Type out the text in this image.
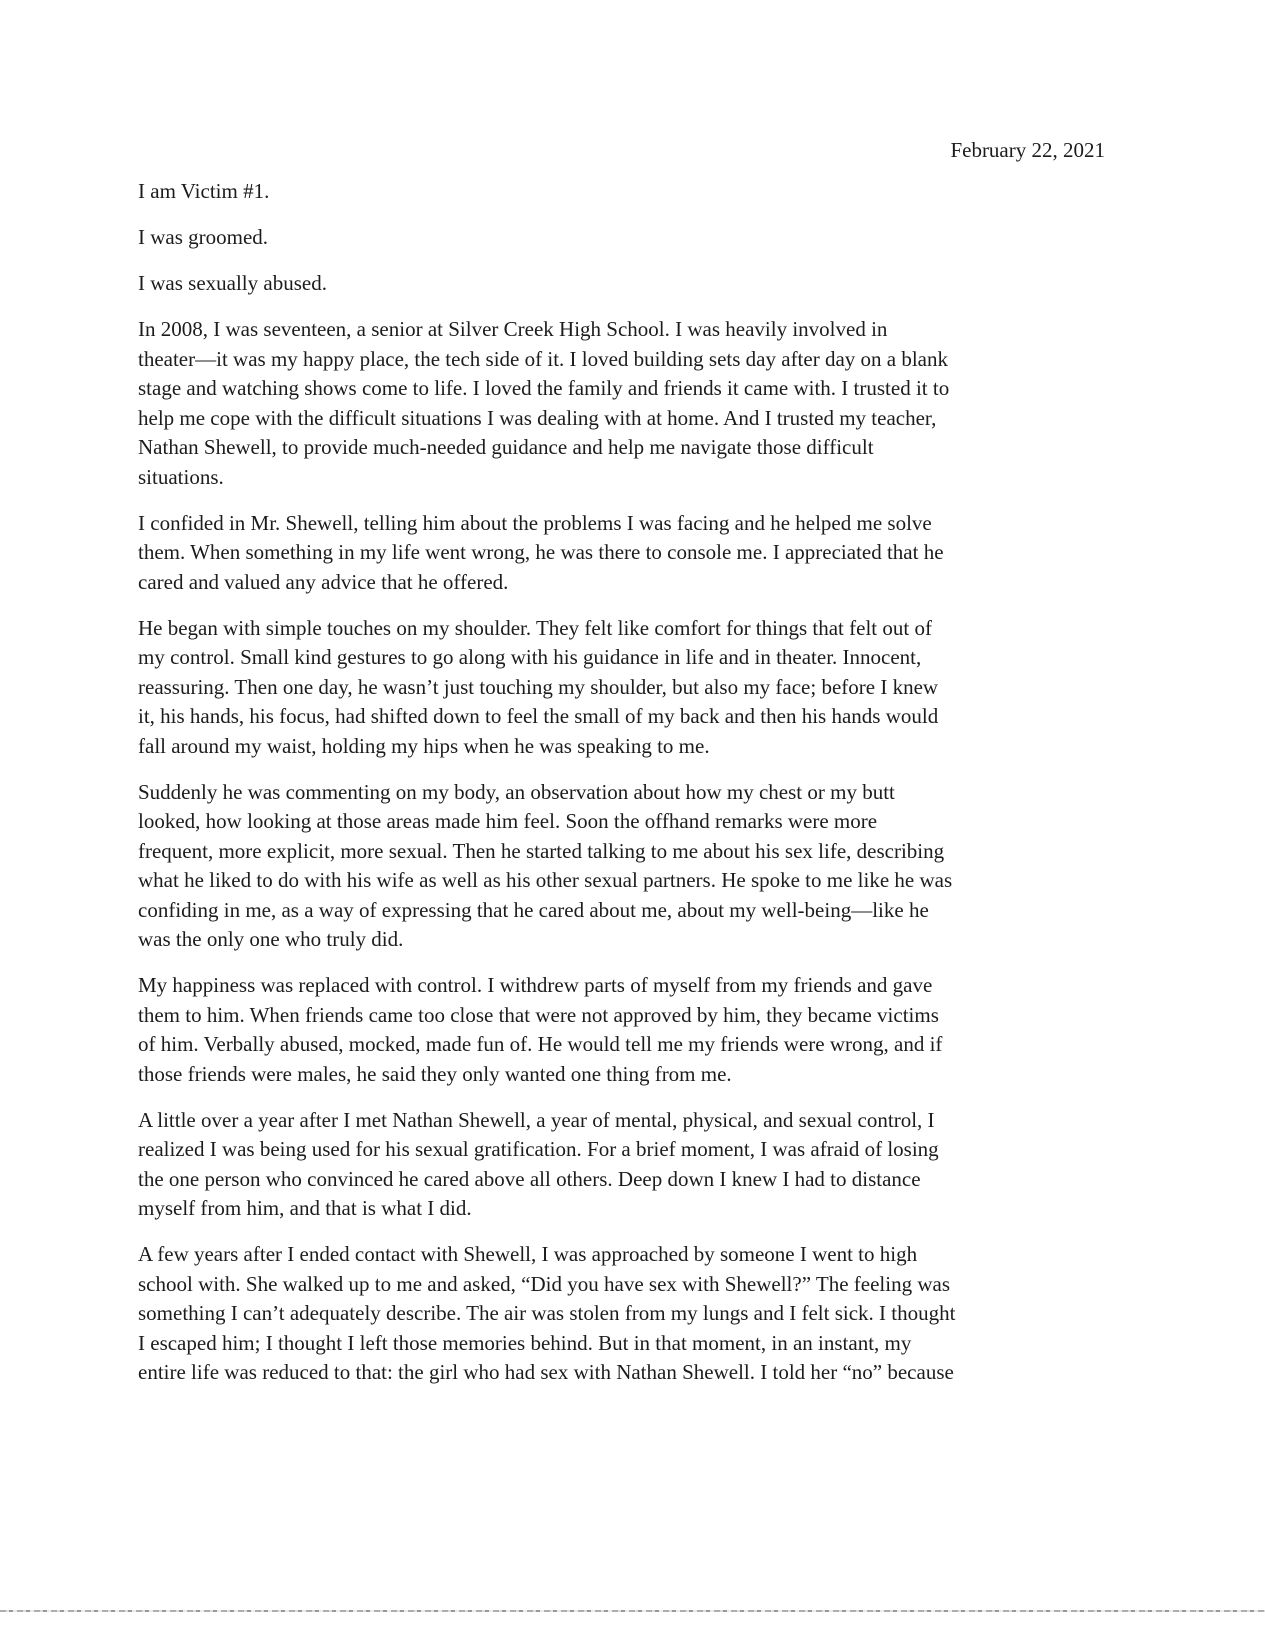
February 22, 2021

I am Victim #1.

I was groomed.

I was sexually abused.

In 2008, I was seventeen, a senior at Silver Creek High School. I was heavily involved in
theater—it was my happy place, the tech side of it. I loved building sets day after day on a blank
stage and watching shows come to life. I loved the family and friends it came with. I trusted it to
help me cope with the difficult situations I was dealing with at home. And I trusted my teacher,
Nathan Shewell, to provide much-needed guidance and help me navigate those difficult
situations.

I confided in Mr. Shewell, telling him about the problems I was facing and he helped me solve
them. When something in my life went wrong, he was there to console me. I appreciated that he
cared and valued any advice that he offered.

He began with simple touches on my shoulder. They felt like comfort for things that felt out of
my control. Small kind gestures to go along with his guidance in life and in theater. Innocent,
reassuring. Then one day, he wasn’t just touching my shoulder, but also my face; before I knew
it, his hands, his focus, had shifted down to feel the small of my back and then his hands would
fall around my waist, holding my hips when he was speaking to me.

Suddenly he was commenting on my body, an observation about how my chest or my butt
looked, how looking at those areas made him feel. Soon the offhand remarks were more
frequent, more explicit, more sexual. Then he started talking to me about his sex life, describing
what he liked to do with his wife as well as his other sexual partners. He spoke to me like he was
confiding in me, as a way of expressing that he cared about me, about my well-being—like he
was the only one who truly did.

My happiness was replaced with control. I withdrew parts of myself from my friends and gave
them to him. When friends came too close that were not approved by him, they became victims
of him. Verbally abused, mocked, made fun of. He would tell me my friends were wrong, and if
those friends were males, he said they only wanted one thing from me.

A little over a year after I met Nathan Shewell, a year of mental, physical, and sexual control, I
realized I was being used for his sexual gratification. For a brief moment, I was afraid of losing
the one person who convinced he cared above all others. Deep down I knew I had to distance
myself from him, and that is what I did.

A few years after I ended contact with Shewell, I was approached by someone I went to high
school with. She walked up to me and asked, “Did you have sex with Shewell?” The feeling was
something I can’t adequately describe. The air was stolen from my lungs and I felt sick. I thought
I escaped him; I thought I left those memories behind. But in that moment, in an instant, my
entire life was reduced to that: the girl who had sex with Nathan Shewell. I told her “no” because
